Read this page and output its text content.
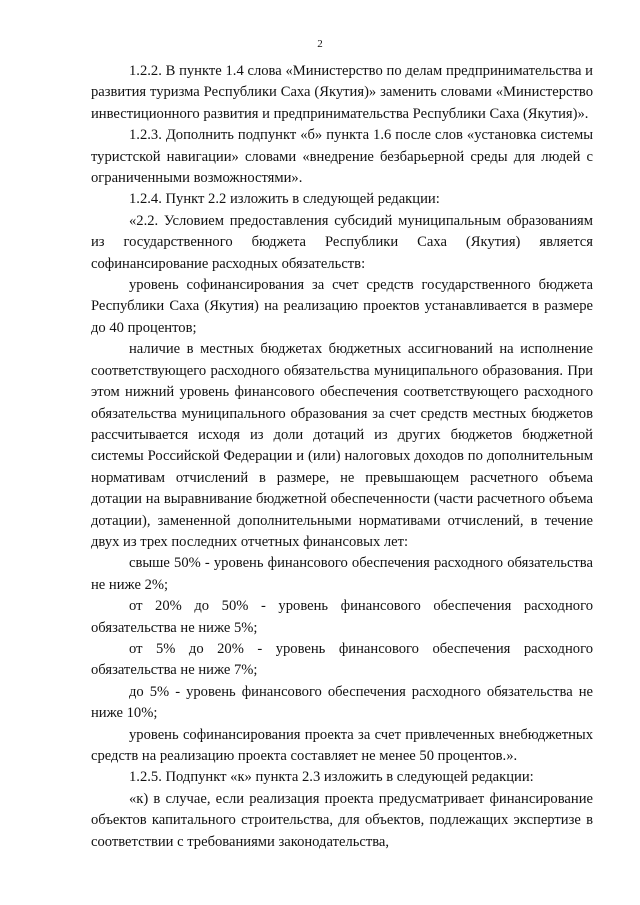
2

1.2.2. В пункте 1.4 слова «Министерство по делам предпринимательства и развития туризма Республики Саха (Якутия)» заменить словами «Министерство инвестиционного развития и предпринимательства Республики Саха (Якутия)».

1.2.3. Дополнить подпункт «б» пункта 1.6 после слов «установка системы туристской навигации» словами «внедрение безбарьерной среды для людей с ограниченными возможностями».

1.2.4. Пункт 2.2 изложить в следующей редакции:

«2.2. Условием предоставления субсидий муниципальным образованиям из государственного бюджета Республики Саха (Якутия) является софинансирование расходных обязательств:

уровень софинансирования за счет средств государственного бюджета Республики Саха (Якутия) на реализацию проектов устанавливается в размере до 40 процентов;

наличие в местных бюджетах бюджетных ассигнований на исполнение соответствующего расходного обязательства муниципального образования. При этом нижний уровень финансового обеспечения соответствующего расходного обязательства муниципального образования за счет средств местных бюджетов рассчитывается исходя из доли дотаций из других бюджетов бюджетной системы Российской Федерации и (или) налоговых доходов по дополнительным нормативам отчислений в размере, не превышающем расчетного объема дотации на выравнивание бюджетной обеспеченности (части расчетного объема дотации), замененной дополнительными нормативами отчислений, в течение двух из трех последних отчетных финансовых лет:

свыше 50% - уровень финансового обеспечения расходного обязательства не ниже 2%;

от 20% до 50% - уровень финансового обеспечения расходного обязательства не ниже 5%;

от 5% до 20% - уровень финансового обеспечения расходного обязательства не ниже 7%;

до 5% - уровень финансового обеспечения расходного обязательства не ниже 10%;

уровень софинансирования проекта за счет привлеченных внебюджетных средств на реализацию проекта составляет не менее 50 процентов.».

1.2.5. Подпункт «к» пункта 2.3 изложить в следующей редакции:

«к) в случае, если реализация проекта предусматривает финансирование объектов капитального строительства, для объектов, подлежащих экспертизе в соответствии с требованиями законодательства,
